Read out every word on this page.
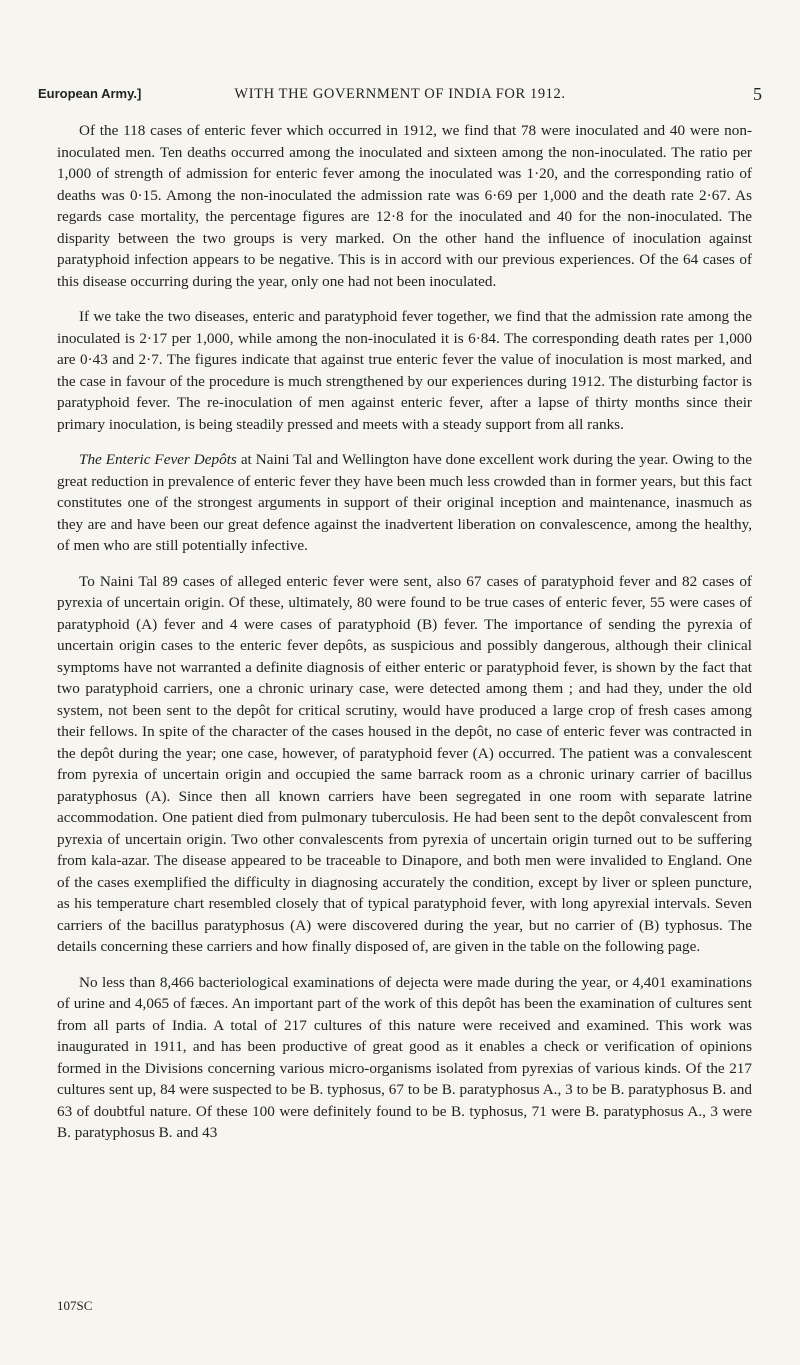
European Army.]	WITH THE GOVERNMENT OF INDIA FOR 1912.	5

Of the 118 cases of enteric fever which occurred in 1912, we find that 78 were inoculated and 40 were non-inoculated men. Ten deaths occurred among the inoculated and sixteen among the non-inoculated. The ratio per 1,000 of strength of admission for enteric fever among the inoculated was 1·20, and the corresponding ratio of deaths was 0·15. Among the non-inoculated the admission rate was 6·69 per 1,000 and the death rate 2·67. As regards case mortality, the percentage figures are 12·8 for the inoculated and 40 for the non-inoculated. The disparity between the two groups is very marked. On the other hand the influence of inoculation against paratyphoid infection appears to be negative. This is in accord with our previous experiences. Of the 64 cases of this disease occurring during the year, only one had not been inoculated.

If we take the two diseases, enteric and paratyphoid fever together, we find that the admission rate among the inoculated is 2·17 per 1,000, while among the non-inoculated it is 6·84. The corresponding death rates per 1,000 are 0·43 and 2·7. The figures indicate that against true enteric fever the value of inoculation is most marked, and the case in favour of the procedure is much strengthened by our experiences during 1912. The disturbing factor is paratyphoid fever. The re-inoculation of men against enteric fever, after a lapse of thirty months since their primary inoculation, is being steadily pressed and meets with a steady support from all ranks.

The Enteric Fever Depôts at Naini Tal and Wellington have done excellent work during the year. Owing to the great reduction in prevalence of enteric fever they have been much less crowded than in former years, but this fact constitutes one of the strongest arguments in support of their original inception and maintenance, inasmuch as they are and have been our great defence against the inadvertent liberation on convalescence, among the healthy, of men who are still potentially infective.

To Naini Tal 89 cases of alleged enteric fever were sent, also 67 cases of paratyphoid fever and 82 cases of pyrexia of uncertain origin. Of these, ultimately, 80 were found to be true cases of enteric fever, 55 were cases of paratyphoid (A) fever and 4 were cases of paratyphoid (B) fever. The importance of sending the pyrexia of uncertain origin cases to the enteric fever depôts, as suspicious and possibly dangerous, although their clinical symptoms have not warranted a definite diagnosis of either enteric or paratyphoid fever, is shown by the fact that two paratyphoid carriers, one a chronic urinary case, were detected among them ; and had they, under the old system, not been sent to the depôt for critical scrutiny, would have produced a large crop of fresh cases among their fellows. In spite of the character of the cases housed in the depôt, no case of enteric fever was contracted in the depôt during the year; one case, however, of paratyphoid fever (A) occurred. The patient was a convalescent from pyrexia of uncertain origin and occupied the same barrack room as a chronic urinary carrier of bacillus paratyphosus (A). Since then all known carriers have been segregated in one room with separate latrine accommodation. One patient died from pulmonary tuberculosis. He had been sent to the depôt convalescent from pyrexia of uncertain origin. Two other convalescents from pyrexia of uncertain origin turned out to be suffering from kala-azar. The disease appeared to be traceable to Dinapore, and both men were invalided to England. One of the cases exemplified the difficulty in diagnosing accurately the condition, except by liver or spleen puncture, as his temperature chart resembled closely that of typical paratyphoid fever, with long apyrexial intervals. Seven carriers of the bacillus paratyphosus (A) were discovered during the year, but no carrier of (B) typhosus. The details concerning these carriers and how finally disposed of, are given in the table on the following page.

No less than 8,466 bacteriological examinations of dejecta were made during the year, or 4,401 examinations of urine and 4,065 of fæces. An important part of the work of this depôt has been the examination of cultures sent from all parts of India. A total of 217 cultures of this nature were received and examined. This work was inaugurated in 1911, and has been productive of great good as it enables a check or verification of opinions formed in the Divisions concerning various micro-organisms isolated from pyrexias of various kinds. Of the 217 cultures sent up, 84 were suspected to be B. typhosus, 67 to be B. paratyphosus A., 3 to be B. paratyphosus B. and 63 of doubtful nature. Of these 100 were definitely found to be B. typhosus, 71 were B. paratyphosus A., 3 were B. paratyphosus B. and 43

107SC
